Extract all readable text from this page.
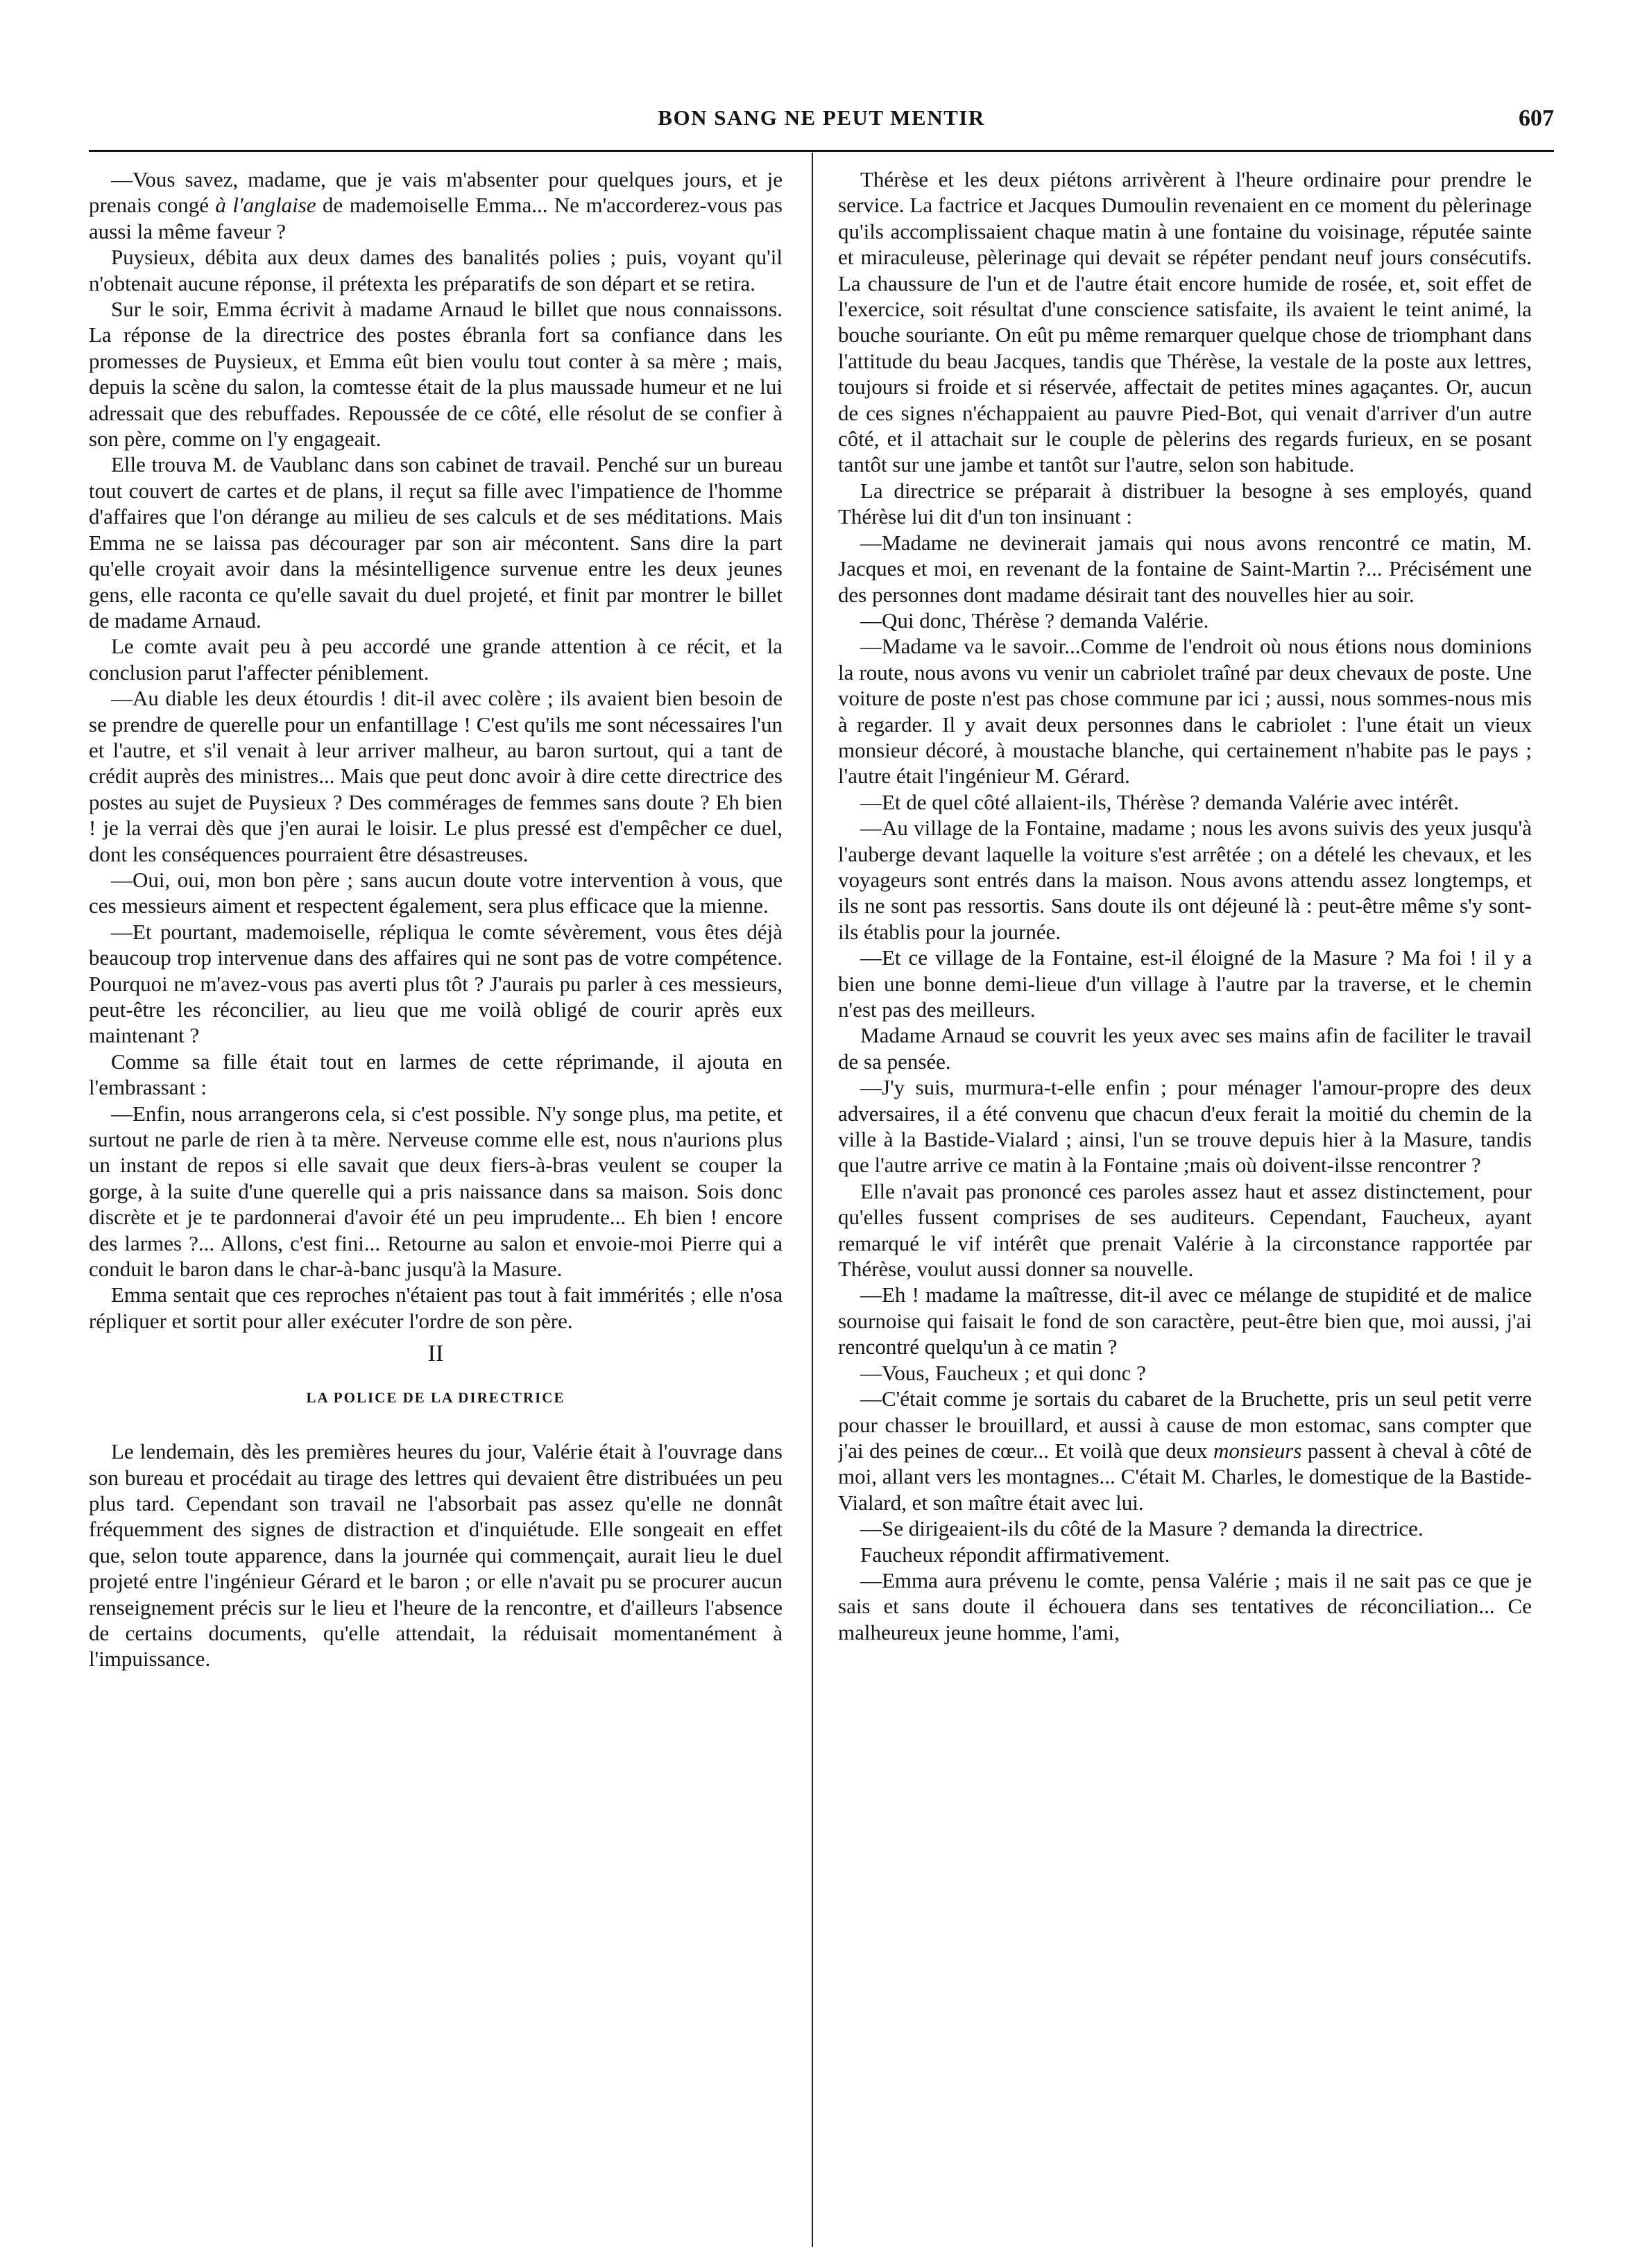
BON SANG NE PEUT MENTIR	607

—Vous savez, madame, que je vais m'absenter pour quelques jours, et je prenais congé à l'anglaise de mademoiselle Emma... Ne m'accorderez-vous pas aussi la même faveur ?

Puysieux, débita aux deux dames des banalités polies ; puis, voyant qu'il n'obtenait aucune réponse, il prétexta les préparatifs de son départ et se retira.

Sur le soir, Emma écrivit à madame Arnaud le billet que nous connaissons. La réponse de la directrice des postes ébranla fort sa confiance dans les promesses de Puysieux, et Emma eût bien voulu tout conter à sa mère ; mais, depuis la scène du salon, la comtesse était de la plus maussade humeur et ne lui adressait que des rebuffades. Repoussée de ce côté, elle résolut de se confier à son père, comme on l'y engageait.

Elle trouva M. de Vaublanc dans son cabinet de travail. Penché sur un bureau tout couvert de cartes et de plans, il reçut sa fille avec l'impatience de l'homme d'affaires que l'on dérange au milieu de ses calculs et de ses méditations. Mais Emma ne se laissa pas décourager par son air mécontent. Sans dire la part qu'elle croyait avoir dans la mésintelligence survenue entre les deux jeunes gens, elle raconta ce qu'elle savait du duel projeté, et finit par montrer le billet de madame Arnaud.

Le comte avait peu à peu accordé une grande attention à ce récit, et la conclusion parut l'affecter péniblement.

—Au diable les deux étourdis ! dit-il avec colère ; ils avaient bien besoin de se prendre de querelle pour un enfantillage ! C'est qu'ils me sont nécessaires l'un et l'autre, et s'il venait à leur arriver malheur, au baron surtout, qui a tant de crédit auprès des ministres... Mais que peut donc avoir à dire cette directrice des postes au sujet de Puysieux ? Des commérages de femmes sans doute ? Eh bien ! je la verrai dès que j'en aurai le loisir. Le plus pressé est d'empêcher ce duel, dont les conséquences pourraient être désastreuses.

—Oui, oui, mon bon père ; sans aucun doute votre intervention à vous, que ces messieurs aiment et respectent également, sera plus efficace que la mienne.

—Et pourtant, mademoiselle, répliqua le comte sévèrement, vous êtes déjà beaucoup trop intervenue dans des affaires qui ne sont pas de votre compétence. Pourquoi ne m'avez-vous pas averti plus tôt ? J'aurais pu parler à ces messieurs, peut-être les réconcilier, au lieu que me voilà obligé de courir après eux maintenant ?

Comme sa fille était tout en larmes de cette réprimande, il ajouta en l'embrassant :

—Enfin, nous arrangerons cela, si c'est possible. N'y songe plus, ma petite, et surtout ne parle de rien à ta mère. Nerveuse comme elle est, nous n'aurions plus un instant de repos si elle savait que deux fiers-à-bras veulent se couper la gorge, à la suite d'une querelle qui a pris naissance dans sa maison. Sois donc discrète et je te pardonnerai d'avoir été un peu imprudente... Eh bien ! encore des larmes ?... Allons, c'est fini... Retourne au salon et envoie-moi Pierre qui a conduit le baron dans le char-à-banc jusqu'à la Masure.

Emma sentait que ces reproches n'étaient pas tout à fait immérités ; elle n'osa répliquer et sortit pour aller exécuter l'ordre de son père.

II

LA POLICE DE LA DIRECTRICE

Le lendemain, dès les premières heures du jour, Valérie était à l'ouvrage dans son bureau et procédait au tirage des lettres qui devaient être distribuées un peu plus tard. Cependant son travail ne l'absorbait pas assez qu'elle ne donnât fréquemment des signes de distraction et d'inquiétude. Elle songeait en effet que, selon toute apparence, dans la journée qui commençait, aurait lieu le duel projeté entre l'ingénieur Gérard et le baron ; or elle n'avait pu se procurer aucun renseignement précis sur le lieu et l'heure de la rencontre, et d'ailleurs l'absence de certains documents, qu'elle attendait, la réduisait momentanément à l'impuissance.

Thérèse et les deux piétons arrivèrent à l'heure ordinaire pour prendre le service. La factrice et Jacques Dumoulin revenaient en ce moment du pèlerinage qu'ils accomplissaient chaque matin à une fontaine du voisinage, réputée sainte et miraculeuse, pèlerinage qui devait se répéter pendant neuf jours consécutifs. La chaussure de l'un et de l'autre était encore humide de rosée, et, soit effet de l'exercice, soit résultat d'une conscience satisfaite, ils avaient le teint animé, la bouche souriante. On eût pu même remarquer quelque chose de triomphant dans l'attitude du beau Jacques, tandis que Thérèse, la vestale de la poste aux lettres, toujours si froide et si réservée, affectait de petites mines agaçantes. Or, aucun de ces signes n'échappaient au pauvre Pied-Bot, qui venait d'arriver d'un autre côté, et il attachait sur le couple de pèlerins des regards furieux, en se posant tantôt sur une jambe et tantôt sur l'autre, selon son habitude.

La directrice se préparait à distribuer la besogne à ses employés, quand Thérèse lui dit d'un ton insinuant :

—Madame ne devinerait jamais qui nous avons rencontré ce matin, M. Jacques et moi, en revenant de la fontaine de Saint-Martin ?... Précisément une des personnes dont madame désirait tant des nouvelles hier au soir.

—Qui donc, Thérèse ? demanda Valérie.

—Madame va le savoir...Comme de l'endroit où nous étions nous dominions la route, nous avons vu venir un cabriolet traîné par deux chevaux de poste. Une voiture de poste n'est pas chose commune par ici ; aussi, nous sommes-nous mis à regarder. Il y avait deux personnes dans le cabriolet : l'une était un vieux monsieur décoré, à moustache blanche, qui certainement n'habite pas le pays ; l'autre était l'ingénieur M. Gérard.

—Et de quel côté allaient-ils, Thérèse ? demanda Valérie avec intérêt.

—Au village de la Fontaine, madame ; nous les avons suivis des yeux jusqu'à l'auberge devant laquelle la voiture s'est arrêtée ; on a dételé les chevaux, et les voyageurs sont entrés dans la maison. Nous avons attendu assez longtemps, et ils ne sont pas ressortis. Sans doute ils ont déjeuné là : peut-être même s'y sont-ils établis pour la journée.

—Et ce village de la Fontaine, est-il éloigné de la Masure ? Ma foi ! il y a bien une bonne demi-lieue d'un village à l'autre par la traverse, et le chemin n'est pas des meilleurs.

Madame Arnaud se couvrit les yeux avec ses mains afin de faciliter le travail de sa pensée.

—J'y suis, murmura-t-elle enfin ; pour ménager l'amour-propre des deux adversaires, il a été convenu que chacun d'eux ferait la moitié du chemin de la ville à la Bastide-Vialard ; ainsi, l'un se trouve depuis hier à la Masure, tandis que l'autre arrive ce matin à la Fontaine ;mais où doivent-ilsse rencontrer ?

Elle n'avait pas prononcé ces paroles assez haut et assez distinctement, pour qu'elles fussent comprises de ses auditeurs. Cependant, Faucheux, ayant remarqué le vif intérêt que prenait Valérie à la circonstance rapportée par Thérèse, voulut aussi donner sa nouvelle.

—Eh ! madame la maîtresse, dit-il avec ce mélange de stupidité et de malice sournoise qui faisait le fond de son caractère, peut-être bien que, moi aussi, j'ai rencontré quelqu'un à ce matin ?

—Vous, Faucheux ; et qui donc ?

—C'était comme je sortais du cabaret de la Bruchette, pris un seul petit verre pour chasser le brouillard, et aussi à cause de mon estomac, sans compter que j'ai des peines de cœur... Et voilà que deux monsieurs passent à cheval à côté de moi, allant vers les montagnes... C'était M. Charles, le domestique de la Bastide-Vialard, et son maître était avec lui.

—Se dirigeaient-ils du côté de la Masure ? demanda la directrice.

Faucheux répondit affirmativement.

—Emma aura prévenu le comte, pensa Valérie ; mais il ne sait pas ce que je sais et sans doute il échouera dans ses tentatives de réconciliation... Ce malheureux jeune homme, l'ami,
